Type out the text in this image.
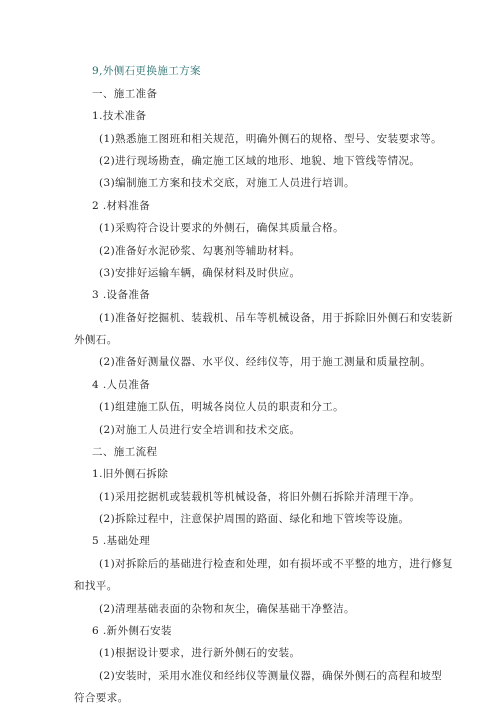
9,外侧石更换施工方案
一、施工准备
1.技术准备
(1)熟悉施工图班和相关规范，明确外侧石的规格、型号、安装要求等。
(2)进行现场勘查，确定施工区域的地形、地貌、地下管线等情况。
(3)编制施工方案和技术交底，对施工人员进行培训。
2 .材料准备
(1)采购符合设计要求的外侧石，确保其质量合格。
(2)准备好水泥砂浆、勾裏剂等辅助材料。
(3)安排好运输车辆，确保材料及时供应。
3 .设备准备
(1)准备好挖掘机、装载机、吊车等机械设备，用于拆除旧外侧石和安装新
外侧石。
(2)准备好测量仪器、水平仪、经纬仪等，用于施工测量和质量控制。
4 .人员准备
(1)组建施工队伍，明城各岗位人员的职责和分工。
(2)对施工人员进行安全培训和技术交底。
二、施工流程
1.旧外侧石拆除
(1)采用挖据机或装载机等机械设备，将旧外侧石拆除并清理干净。
(2)拆除过程中，注意保护周围的路面、绿化和地下管埃等设施。
5 .基础处理
(1)对拆除后的基础进行检查和处理，如有损坏或不平整的地方，进行修复
和找平。
(2)清理基础表面的杂物和灰尘，确保基础干净整洁。
6 .新外侧石安装
(1)根据设计要求，进行新外侧石的安装。
(2)安装时，采用水准仪和经纬仪等测量仪器，确保外侧石的高程和坡型
符合要求。
